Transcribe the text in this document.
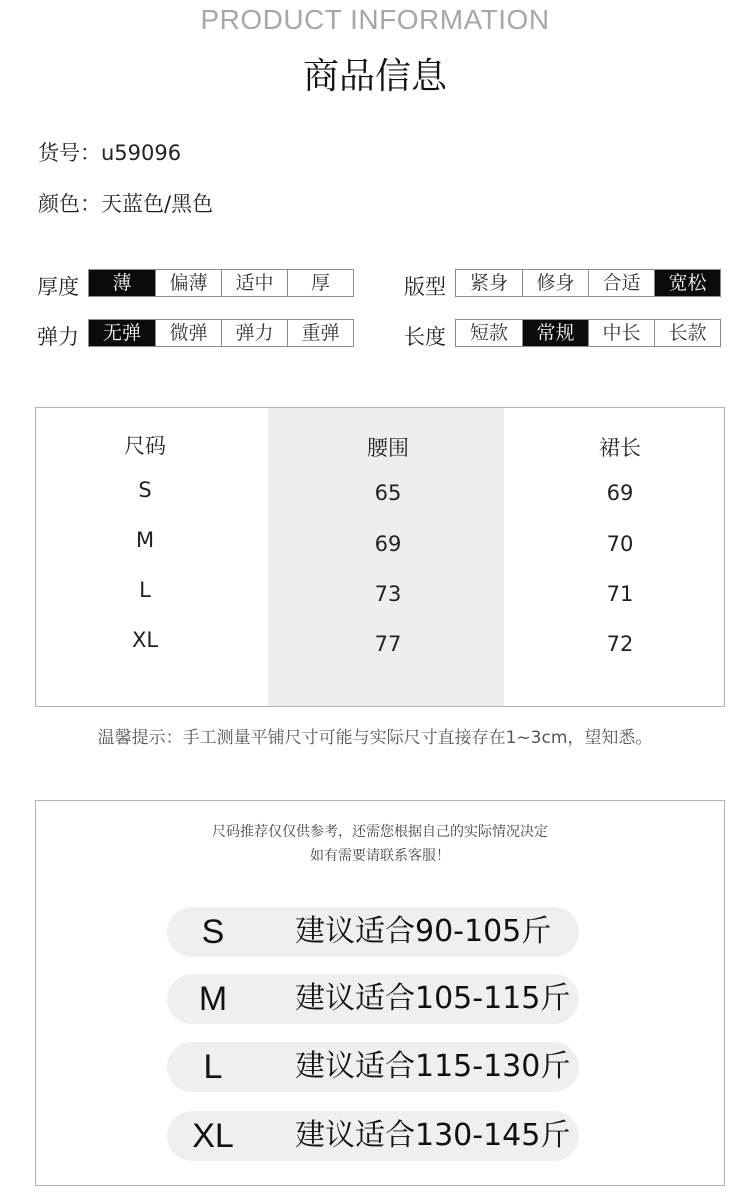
PRODUCT INFORMATION
商品信息
货号：u59096
颜色：天蓝色/黑色
厚度	薄	偏薄	适中	厚	版型	紧身	修身	合适	宽松
弹力	无弹	微弹	弹力	重弹	长度	短款	常规	中长	长款
尺码	腰围	裙长
S	65	69
M	69	70
L	73	71
XL	77	72
温馨提示：手工测量平铺尺寸可能与实际尺寸直接存在1~3cm，望知悉。
尺码推荐仅仅供参考，还需您根据自己的实际情况决定
如有需要请联系客服！
S	建议适合90-105斤
M	建议适合105-115斤
L	建议适合115-130斤
XL	建议适合130-145斤
